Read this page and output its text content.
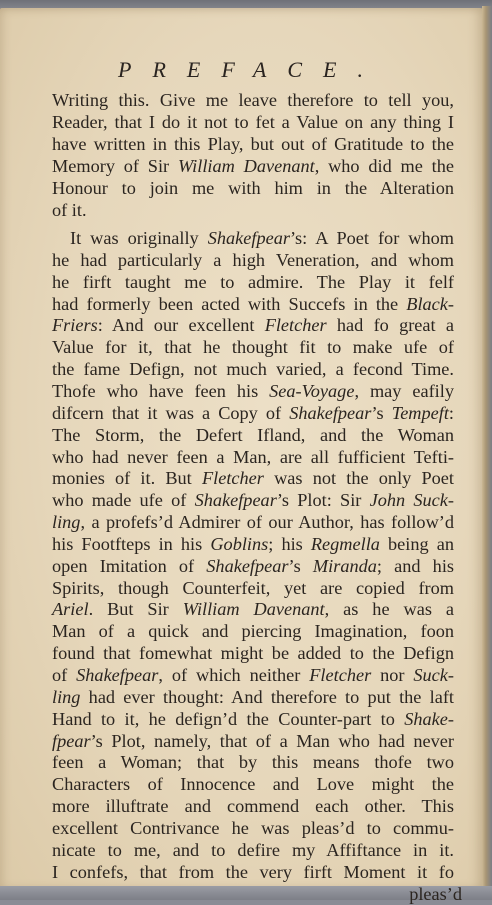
PREFACE.
Writing this. Give me leave therefore to tell you,
Reader, that I do it not to fet a Value on any thing I
have written in this Play, but out of Gratitude to the
Memory of Sir William Davenant, who did me the
Honour to join me with him in the Alteration
of it.
It was originally Shakefpear’s: A Poet for whom
he had particularly a high Veneration, and whom
he firft taught me to admire. The Play it felf
had formerly been acted with Succefs in the Black-
Friers: And our excellent Fletcher had fo great a
Value for it, that he thought fit to make ufe of
the fame Defign, not much varied, a fecond Time.
Thofe who have feen his Sea-Voyage, may eafily
difcern that it was a Copy of Shakefpear’s Tempeft:
The Storm, the Defert Ifland, and the Woman
who had never feen a Man, are all fufficient Tefti-
monies of it. But Fletcher was not the only Poet
who made ufe of Shakefpear’s Plot: Sir John Suck-
ling, a profefs’d Admirer of our Author, has follow’d
his Footfteps in his Goblins; his Regmella being an
open Imitation of Shakefpear’s Miranda; and his
Spirits, though Counterfeit, yet are copied from
Ariel. But Sir William Davenant, as he was a
Man of a quick and piercing Imagination, foon
found that fomewhat might be added to the Defign
of Shakefpear, of which neither Fletcher nor Suck-
ling had ever thought: And therefore to put the laft
Hand to it, he defign’d the Counter-part to Shake-
fpear’s Plot, namely, that of a Man who had never
feen a Woman; that by this means thofe two
Characters of Innocence and Love might the
more illuftrate and commend each other. This
excellent Contrivance he was pleas’d to commu-
nicate to me, and to defire my Affiftance in it.
I confefs, that from the very firft Moment it fo
pleas’d
